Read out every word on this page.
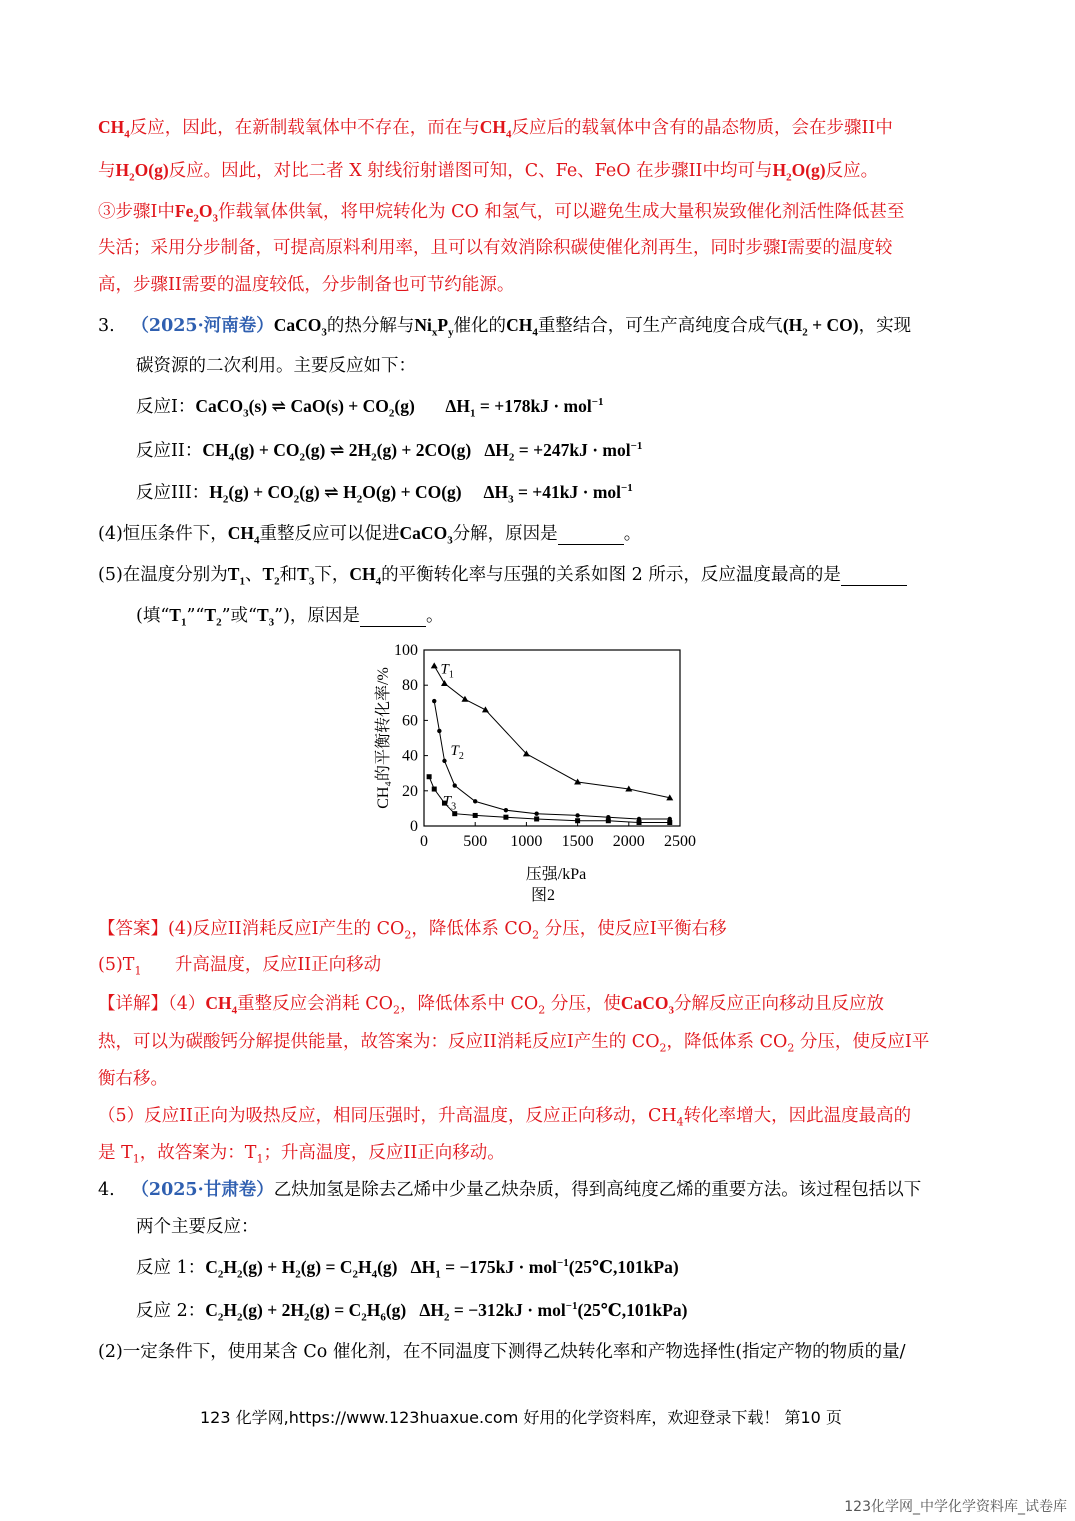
$CH_4$反应，因此，在新制载氧体中不存在，而在与$CH_4$反应后的载氧体中含有的晶态物质，会在步骤II中
与$H_2O(g)$反应。因此，对比二者 X 射线衍射谱图可知，C、Fe、FeO 在步骤II中均可与$H_2O(g)$反应。
③步骤I中$Fe_2O_3$作载氧体供氧，将甲烷转化为 CO 和氢气，可以避免生成大量积炭致催化剂活性降低甚至
失活；采用分步制备，可提高原料利用率，且可以有效消除积碳使催化剂再生，同时步骤I需要的温度较
高，步骤II需要的温度较低，分步制备也可节约能源。
3. （2025·河南卷）CaCO$_3$的热分解与$Ni_xP_y$催化的$CH_4$重整结合，可生产高纯度合成气$(H_2 + CO)$，实现
碳资源的二次利用。主要反应如下：
反应I：CaCO$_3$(s) ⇌ $CaO(s) + CO_2(g)$       $\Delta H_1 = +178kJ \cdot mol^{-1}$
反应II：$CH_4(g) + CO_2(g)$ ⇌ $2H_2(g) + 2CO(g) \Delta H_2 = +247kJ \cdot mol^{-1}$
反应III：$H_2(g) + CO_2(g)$ ⇌ $H_2O(g) + CO(g)$     $\Delta H_3 = +41kJ \cdot mol^{-1}$
(4)恒压条件下，$CH_4$重整反应可以促进CaCO$_3$分解，原因是	。
(5)在温度分别为$T_1$、$T_2$和$T_3$下，$CH_4$的平衡转化率与压强的关系如图 2 所示，反应温度最高的是
(填“$T_1”“T_2$”或“$T_3$”)，原因是	。
0 500 1000 1500 2000 2500
0
20
40
60
80
100
$T_1$
$T_2$
$T_3$
CH₄的平衡转化率/%
压强/kPa
图2
【答案】(4)反应II消耗反应I产生的 $CO_2$，降低体系 $CO_2$ 分压，使反应I平衡右移
$(5)T_1$ 升高温度，反应II正向移动
【详解】$(4)CH_4$重整反应会消耗 $CO_2$，降低体系中 $CO_2$ 分压，使CaCO$_3$分解反应正向移动且反应放
热，可以为碳酸钙分解提供能量，故答案为：反应II消耗反应I产生的 $CO_2$，降低体系 $CO_2$ 分压，使反应I平
衡右移。
（5）反应II正向为吸热反应，相同压强时，升高温度，反应正向移动，$CH_4$转化率增大，因此温度最高的
是 $T_1$，故答案为：$T_1$；升高温度，反应II正向移动。
4. （2025·甘肃卷）乙炔加氢是除去乙烯中少量乙炔杂质，得到高纯度乙烯的重要方法。该过程包括以下
两个主要反应：
反应 1：$C_2H_2(g) + H_2(g) = C_2H_4(g) \Delta H_1 = -175kJ$ · mol$^{-1}$(25℃,101kPa)
反应 2：$C_2H_2(g) + 2H_2(g) = C_2H_6(g) \Delta H_2 = -312kJ$ · mol$^{-1}$(25℃,101kPa)
(2)一定条件下，使用某含 Co 催化剂，在不同温度下测得乙炔转化率和产物选择性(指定产物的物质的量/
123 化学网,https://www.123huaxue.com 好用的化学资料库，欢迎登录下载！ 第10 页
123化学网_中学化学资料库_试卷库
